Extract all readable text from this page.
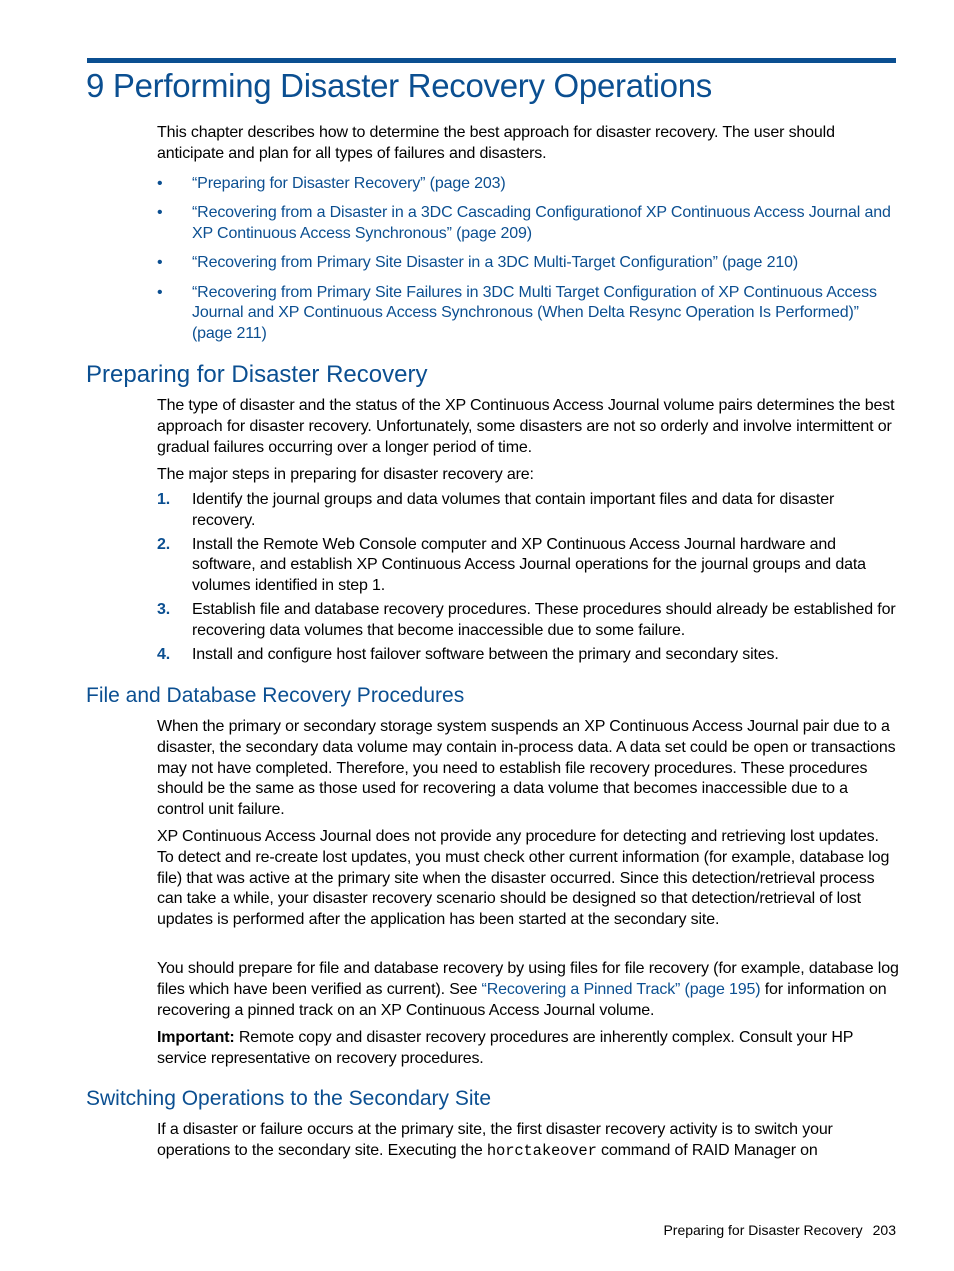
9 Performing Disaster Recovery Operations

This chapter describes how to determine the best approach for disaster recovery. The user should anticipate and plan for all types of failures and disasters.

• “Preparing for Disaster Recovery” (page 203)
• “Recovering from a Disaster in a 3DC Cascading Configurationof XP Continuous Access Journal and XP Continuous Access Synchronous” (page 209)
• “Recovering from Primary Site Disaster in a 3DC Multi-Target Configuration” (page 210)
• “Recovering from Primary Site Failures in 3DC Multi Target Configuration of XP Continuous Access Journal and XP Continuous Access Synchronous (When Delta Resync Operation Is Performed)” (page 211)
Preparing for Disaster Recovery

The type of disaster and the status of the XP Continuous Access Journal volume pairs determines the best approach for disaster recovery. Unfortunately, some disasters are not so orderly and involve intermittent or gradual failures occurring over a longer period of time.

The major steps in preparing for disaster recovery are:

1. Identify the journal groups and data volumes that contain important files and data for disaster recovery.
2. Install the Remote Web Console computer and XP Continuous Access Journal hardware and software, and establish XP Continuous Access Journal operations for the journal groups and data volumes identified in step 1.
3. Establish file and database recovery procedures. These procedures should already be established for recovering data volumes that become inaccessible due to some failure.
4. Install and configure host failover software between the primary and secondary sites.
File and Database Recovery Procedures

When the primary or secondary storage system suspends an XP Continuous Access Journal pair due to a disaster, the secondary data volume may contain in-process data. A data set could be open or transactions may not have completed. Therefore, you need to establish file recovery procedures. These procedures should be the same as those used for recovering a data volume that becomes inaccessible due to a control unit failure.

XP Continuous Access Journal does not provide any procedure for detecting and retrieving lost updates. To detect and re-create lost updates, you must check other current information (for example, database log file) that was active at the primary site when the disaster occurred. Since this detection/retrieval process can take a while, your disaster recovery scenario should be designed so that detection/retrieval of lost updates is performed after the application has been started at the secondary site.

You should prepare for file and database recovery by using files for file recovery (for example, database log files which have been verified as current). See “Recovering a Pinned Track” (page 195) for information on recovering a pinned track on an XP Continuous Access Journal volume.

Important: Remote copy and disaster recovery procedures are inherently complex. Consult your HP service representative on recovery procedures.

Switching Operations to the Secondary Site

If a disaster or failure occurs at the primary site, the first disaster recovery activity is to switch your operations to the secondary site. Executing the horctakeover command of RAID Manager on

Preparing for Disaster Recovery 203
